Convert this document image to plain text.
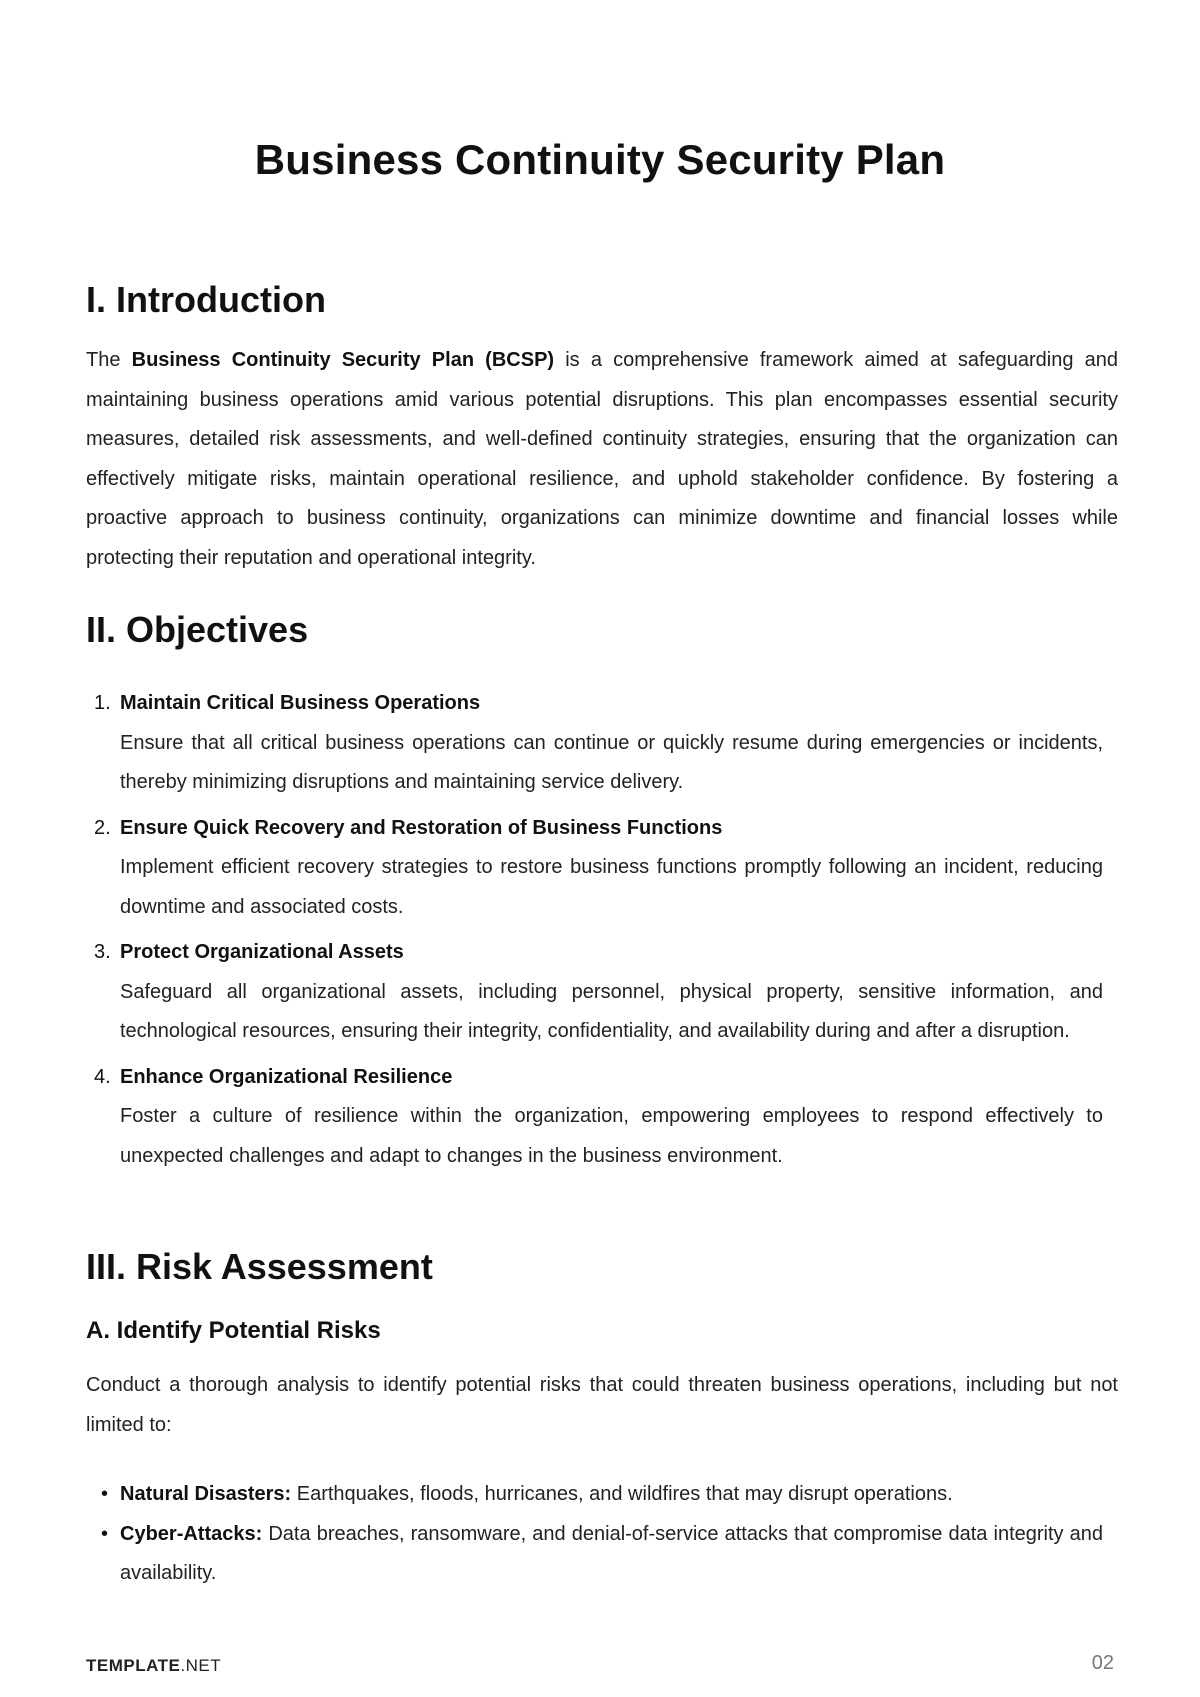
Business Continuity Security Plan
I. Introduction

The Business Continuity Security Plan (BCSP) is a comprehensive framework aimed at safeguarding and maintaining business operations amid various potential disruptions. This plan encompasses essential security measures, detailed risk assessments, and well-defined continuity strategies, ensuring that the organization can effectively mitigate risks, maintain operational resilience, and uphold stakeholder confidence. By fostering a proactive approach to business continuity, organizations can minimize downtime and financial losses while protecting their reputation and operational integrity.

II. Objectives
1. Maintain Critical Business Operations

Ensure that all critical business operations can continue or quickly resume during emergencies or incidents, thereby minimizing disruptions and maintaining service delivery.

2. Ensure Quick Recovery and Restoration of Business Functions

Implement efficient recovery strategies to restore business functions promptly following an incident, reducing downtime and associated costs.

3. Protect Organizational Assets

Safeguard all organizational assets, including personnel, physical property, sensitive information, and technological resources, ensuring their integrity, confidentiality, and availability during and after a disruption.

4. Enhance Organizational Resilience

Foster a culture of resilience within the organization, empowering employees to respond effectively to unexpected challenges and adapt to changes in the business environment.

III. Risk Assessment
A. Identify Potential Risks

Conduct a thorough analysis to identify potential risks that could threaten business operations, including but not limited to:

• Natural Disasters: Earthquakes, floods, hurricanes, and wildfires that may disrupt operations.
• Cyber-Attacks: Data breaches, ransomware, and denial-of-service attacks that compromise data integrity and availability.
TEMPLATE.NET	02
